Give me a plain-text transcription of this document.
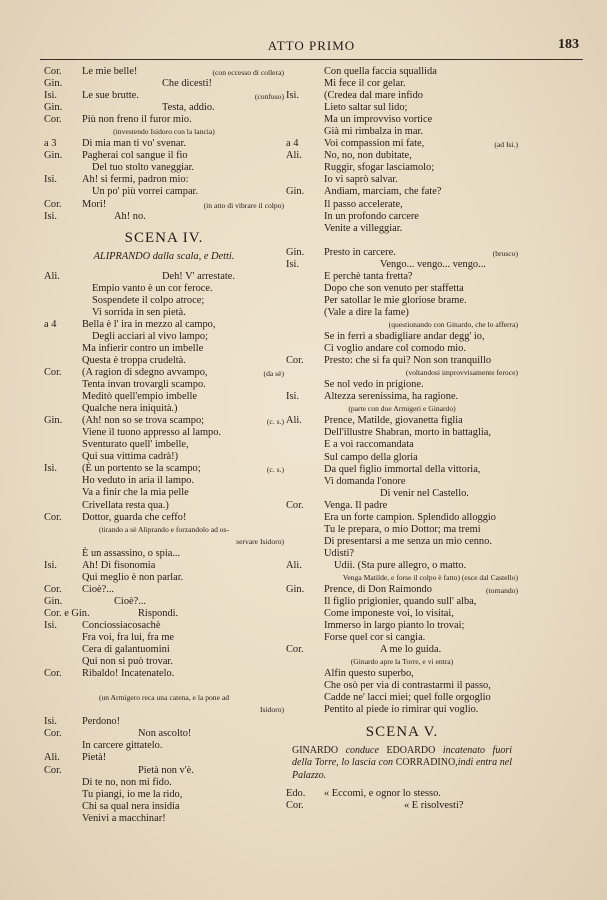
ATTO PRIMO	183
Cor. Le mie belle!	(con eccesso di collera)
Gin.	Che dicesti!
Isi. Le sue brutte.	(confuso)
Gin.	Testa, addio.
Cor. Più non freno il furor mio.
(investendo Isidoro con la lancia)
a 3 Di mia man ti vo' svenar.
Gin. Pagherai col sangue il fio
Del tuo stolto vaneggiar.
Isi. Ah! si fermi, padron mio:
Un po' più vorrei campar.
Cor. Mori!	(in atto di vibrare il colpo)
Isi.	Ah! no.
SCENA IV.
ALIPRANDO dalla scala, e Detti.
Ali.	Deh! V' arrestate.
Empio vanto è un cor feroce.
Sospendete il colpo atroce;
Vi sorrida in sen pietà.
a 4 Bella è l' ira in mezzo al campo,
Degli acciari al vivo lampo;
Ma infierir contro un imbelle
Questa è troppa crudeltà.
Cor. (A ragion di sdegno avvampo,	(da sè)
Tenta invan trovargli scampo.
Meditò quell'empio imbelle
Qualche nera iniquità.)
Gin. (Ah! non so se trova scampo;	(c. s.)
Viene il tuono appresso al lampo.
Sventurato quell' imbelle,
Qui sua vittima cadrà!)
Isi. (È un portento se la scampo;	(c. s.)
Ho veduto in aria il lampo.
Va a finir che la mia pelle
Crivellata resta qua.)
Cor. Dottor, guarda che ceffo!
(tirando a sè Aliprando e forzandolo ad os-
servare Isidoro)
È un assassino, o spia...
Isi. Ah! Di fisonomia
Qui meglio è non parlar.
Cor. Cioè?...
Gin.	Cioè?...
Cor. e Gin.	Rispondi.
Isi. Conciossiacosachè
Fra voi, fra lui, fra me
Cera di galantuomini
Qui non si può trovar.
Cor. Ribaldo! Incatenatelo.
(un Armigero reca una catena, e la pone ad
Isidoro)
Isi. Perdono!
Cor.	Non ascolto!
In carcere gittatelo.
Ali. Pietà!
Cor.	Pietà non v'è.
Di te no, non mi fido.
Tu piangi, io me la rido,
Chi sa qual nera insidia
Venivi a macchinar!
Con quella faccia squallida
Mi fece il cor gelar.
Isi. (Credea dal mare infido
Lieto saltar sul lido;
Ma un improvviso vortice
Già mi rimbalza in mar.
a 4 Voi compassion mi fate,	(ad Isi.)
Ali. No, no, non dubitate,
Ruggir, sfogar lasciamolo;
Io vi saprò salvar.
Gin. Andiam, marciam, che fate?
Il passo accelerate,
In un profondo carcere
Venite a villeggiar.
Gin. Presto in carcere.	(brusco)
Isi.	Vengo... vengo... vengo...
E perchè tanta fretta?
Dopo che son venuto per staffetta
Per satollar le mie gloriose brame.
(Vale a dire la fame)
(questionando con Ginardo, che lo afferra)
Se in ferri a sbadigliare andar degg' io,
Ci voglio andare col comodo mio.
Cor. Presto: che si fa qui? Non son tranquillo
(voltandosi improvvisamente feroce)
Se nol vedo in prigione.
Isi. Altezza serenissima, ha ragione.
(parte con due Armigeri e Ginardo)
Ali. Prence, Matilde, giovanetta figlia
Dell'illustre Shabran, morto in battaglia,
E a voi raccomandata
Sul campo della gloria
Da quel figlio immortal della vittoria,
Vi domanda l'onore
Di venir nel Castello.
Cor. Venga. Il padre
Era un forte campion. Splendido alloggio
Tu le prepara, o mio Dottor; ma tremi
Di presentarsi a me senza un mio cenno.
Udisti?
Ali.	Udii. (Sta pure allegro, o matto.
Venga Matilde, e forse il colpo è fatto) (esce dal Castello)
Gin. Prence, di Don Raimondo	(tornando)
Il figlio prigionier, quando sull' alba,
Come imponeste voi, lo visitai,
Immerso in largo pianto lo trovai;
Forse quel cor si cangia.
Cor.	A me lo guida.
(Ginardo apre la Torre, e vi entra)
Alfin questo superbo,
Che osò per via di contrastarmi il passo,
Cadde ne' lacci miei; quel folle orgoglio
Pentito al piede io rimirar qui voglio.
SCENA V.
GINARDO conduce EDOARDO incatenato fuori della Torre, lo lascia con CORRADINO,indi entra nel Palazzo.
Edo. « Eccomi, e ognor lo stesso.
Cor.	« E risolvesti?
